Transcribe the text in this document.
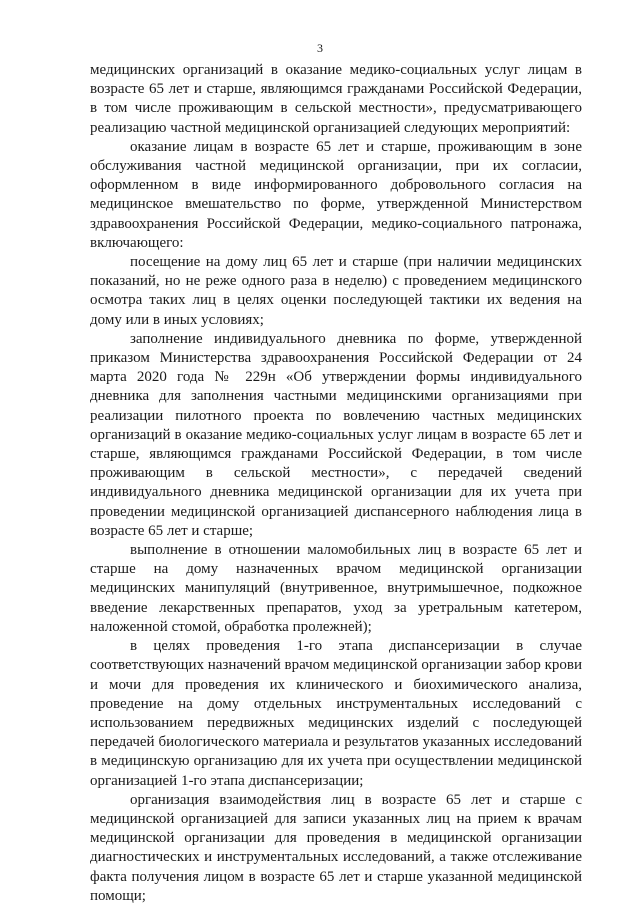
3

медицинских организаций в оказание медико-социальных услуг лицам в возрасте 65 лет и старше, являющимся гражданами Российской Федерации, в том числе проживающим в сельской местности», предусматривающего реализацию частной медицинской организацией следующих мероприятий:

оказание лицам в возрасте 65 лет и старше, проживающим в зоне обслуживания частной медицинской организации, при их согласии, оформленном в виде информированного добровольного согласия на медицинское вмешательство по форме, утвержденной Министерством здравоохранения Российской Федерации, медико-социального патронажа, включающего:

посещение на дому лиц 65 лет и старше (при наличии медицинских показаний, но не реже одного раза в неделю) с проведением медицинского осмотра таких лиц в целях оценки последующей тактики их ведения на дому или в иных условиях;

заполнение индивидуального дневника по форме, утвержденной приказом Министерства здравоохранения Российской Федерации от 24 марта 2020 года № 229н «Об утверждении формы индивидуального дневника для заполнения частными медицинскими организациями при реализации пилотного проекта по вовлечению частных медицинских организаций в оказание медико-социальных услуг лицам в возрасте 65 лет и старше, являющимся гражданами Российской Федерации, в том числе проживающим в сельской местности», с передачей сведений индивидуального дневника медицинской организации для их учета при проведении медицинской организацией диспансерного наблюдения лица в возрасте 65 лет и старше;

выполнение в отношении маломобильных лиц в возрасте 65 лет и старше на дому назначенных врачом медицинской организации медицинских манипуляций (внутривенное, внутримышечное, подкожное введение лекарственных препаратов, уход за уретральным катетером, наложенной стомой, обработка пролежней);

в целях проведения 1-го этапа диспансеризации в случае соответствующих назначений врачом медицинской организации забор крови и мочи для проведения их клинического и биохимического анализа, проведение на дому отдельных инструментальных исследований с использованием передвижных медицинских изделий с последующей передачей биологического материала и результатов указанных исследований в медицинскую организацию для их учета при осуществлении медицинской организацией 1-го этапа диспансеризации;

организация взаимодействия лиц в возрасте 65 лет и старше с медицинской организацией для записи указанных лиц на прием к врачам медицинской организации для проведения в медицинской организации диагностических и инструментальных исследований, а также отслеживание факта получения лицом в возрасте 65 лет и старше указанной медицинской помощи;
